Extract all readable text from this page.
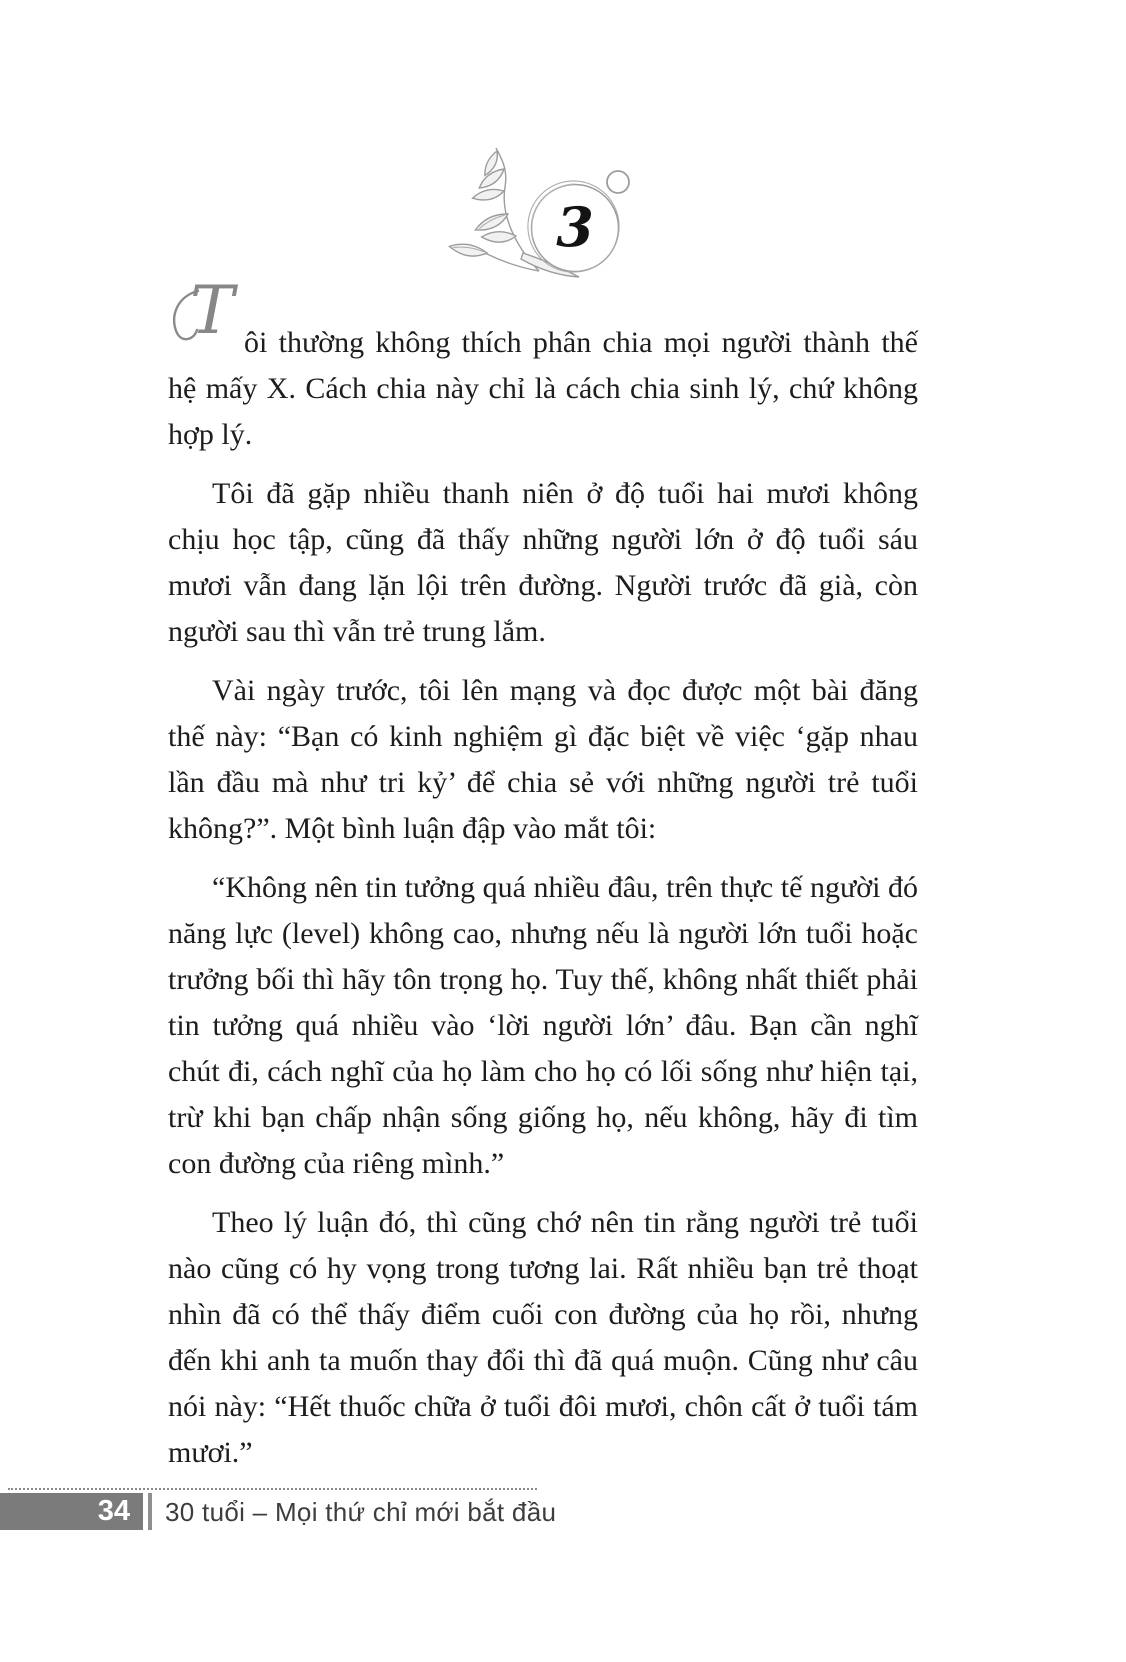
3

T ôi thường không thích phân chia mọi người thành thế hệ mấy X. Cách chia này chỉ là cách chia sinh lý, chứ không hợp lý.

Tôi đã gặp nhiều thanh niên ở độ tuổi hai mươi không chịu học tập, cũng đã thấy những người lớn ở độ tuổi sáu mươi vẫn đang lặn lội trên đường. Người trước đã già, còn người sau thì vẫn trẻ trung lắm.

Vài ngày trước, tôi lên mạng và đọc được một bài đăng thế này: “Bạn có kinh nghiệm gì đặc biệt về việc ‘gặp nhau lần đầu mà như tri kỷ’ để chia sẻ với những người trẻ tuổi không?”. Một bình luận đập vào mắt tôi:

“Không nên tin tưởng quá nhiều đâu, trên thực tế người đó năng lực (level) không cao, nhưng nếu là người lớn tuổi hoặc trưởng bối thì hãy tôn trọng họ. Tuy thế, không nhất thiết phải tin tưởng quá nhiều vào ‘lời người lớn’ đâu. Bạn cần nghĩ chút đi, cách nghĩ của họ làm cho họ có lối sống như hiện tại, trừ khi bạn chấp nhận sống giống họ, nếu không, hãy đi tìm con đường của riêng mình.”

Theo lý luận đó, thì cũng chớ nên tin rằng người trẻ tuổi nào cũng có hy vọng trong tương lai. Rất nhiều bạn trẻ thoạt nhìn đã có thể thấy điểm cuối con đường của họ rồi, nhưng đến khi anh ta muốn thay đổi thì đã quá muộn. Cũng như câu nói này: “Hết thuốc chữa ở tuổi đôi mươi, chôn cất ở tuổi tám mươi.”

34	30 tuổi – Mọi thứ chỉ mới bắt đầu
